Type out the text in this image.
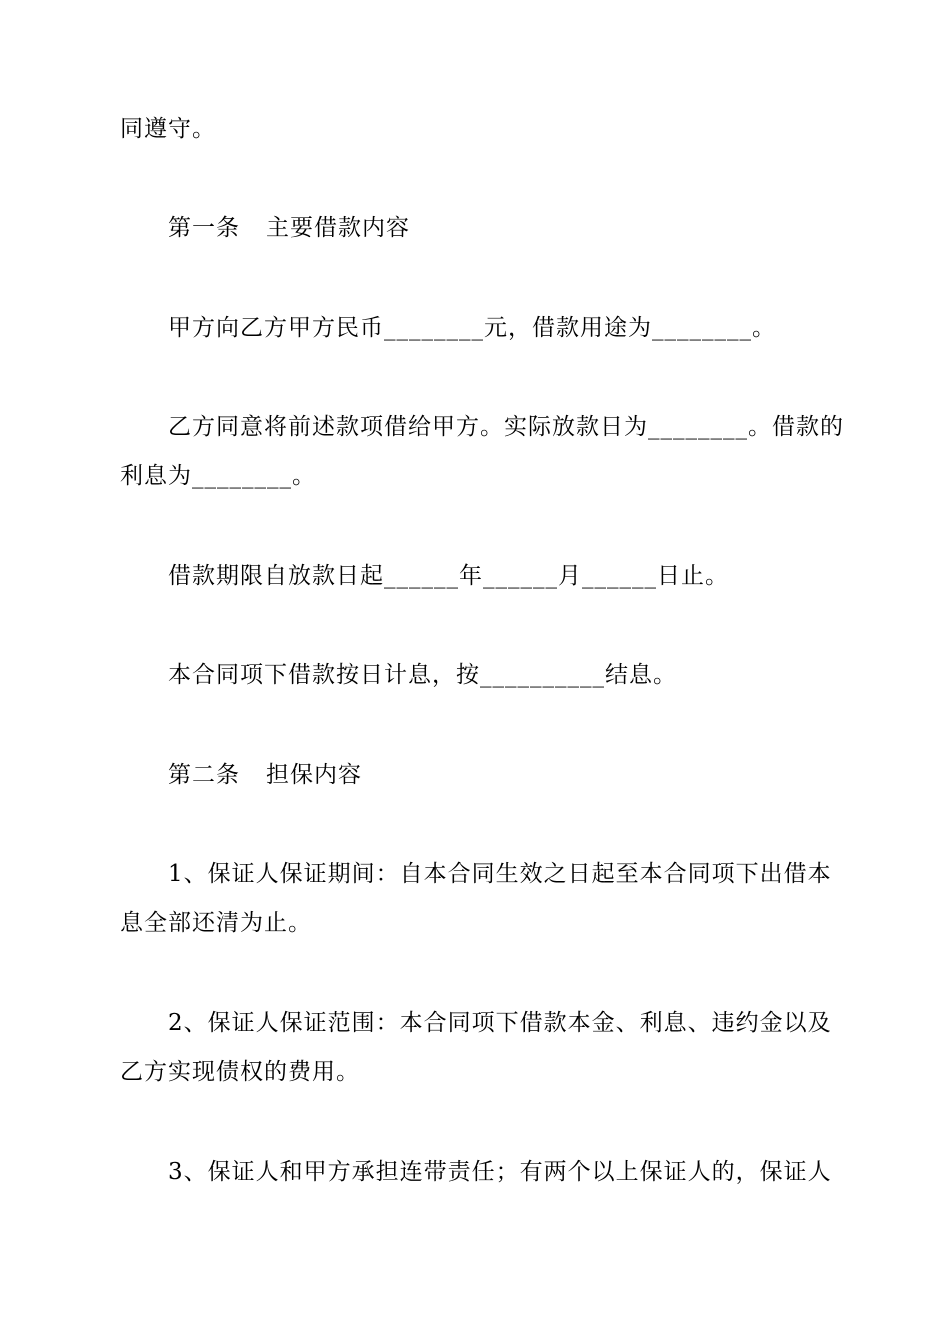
同遵守。
第一条 主要借款内容
甲方向乙方甲方民币________元，借款用途为________。
乙方同意将前述款项借给甲方。实际放款日为________。借款的
利息为________。
借款期限自放款日起______年______月______日止。
本合同项下借款按日计息，按__________结息。
第二条 担保内容
1、保证人保证期间：自本合同生效之日起至本合同项下出借本
息全部还清为止。
2、保证人保证范围：本合同项下借款本金、利息、违约金以及
乙方实现债权的费用。
3、保证人和甲方承担连带责任；有两个以上保证人的，保证人
